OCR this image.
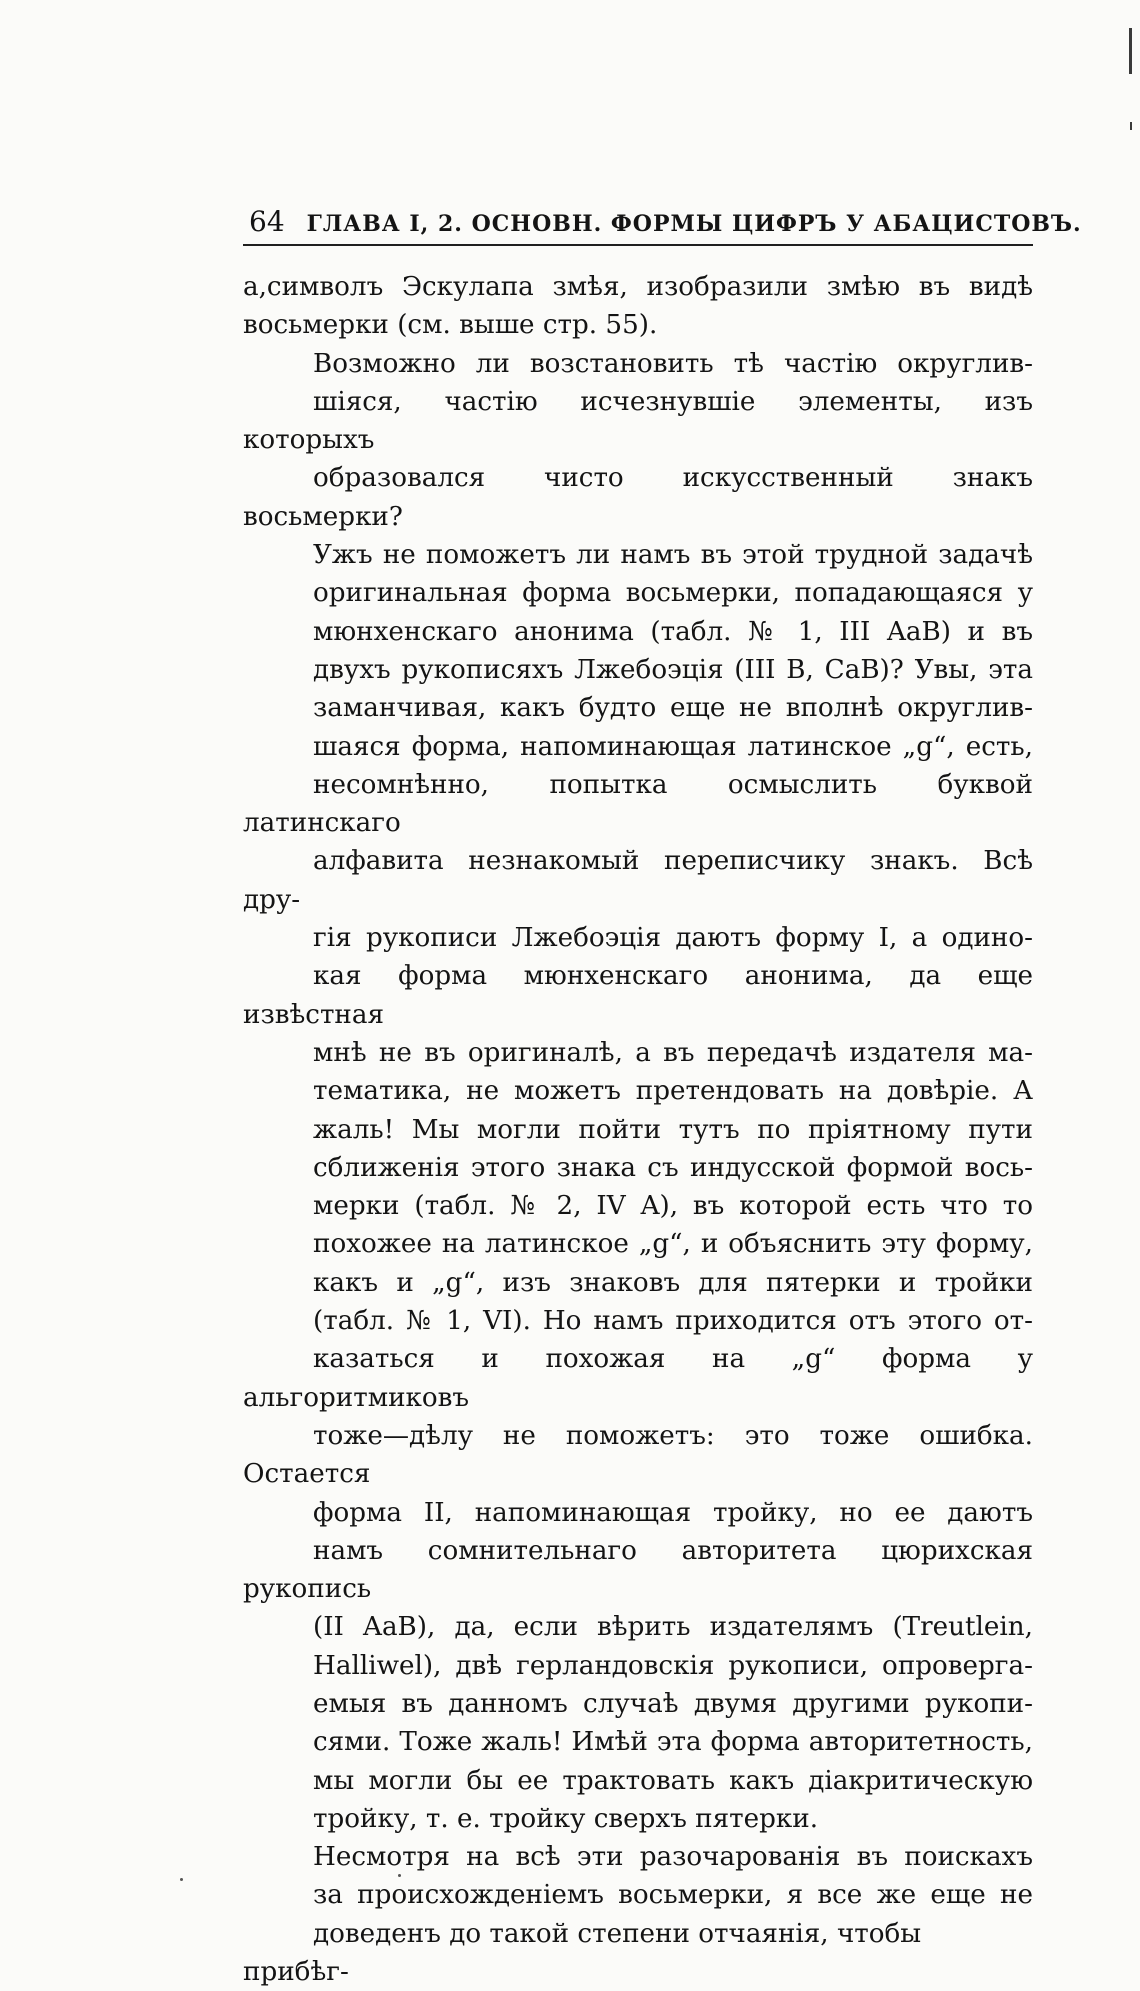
64 ГЛАВА I, 2. ОСНОВН. ФОРМЫ ЦИФРЪ У АБАЦИСТОВЪ.

а,символъ Эскулапа змѣя, изобразили змѣю въ видѣ
восьмерки (см. выше стр. 55).

Возможно ли возстановить тѣ частію округлив-
шіяся, частію исчезнувшіе элементы, изъ которыхъ
образовался чисто искусственный знакъ восьмерки?
Ужъ не поможетъ ли намъ въ этой трудной задачѣ
оригинальная форма восьмерки, попадающаяся у
мюнхенскаго анонима (табл. № 1, III AaB) и въ
двухъ рукописяхъ Лжебоэція (III B, CaB)? Увы, эта
заманчивая, какъ будто еще не вполнѣ округлив-
шаяся форма, напоминающая латинское „g“, есть,
несомнѣнно, попытка осмыслить буквой латинскаго
алфавита незнакомый переписчику знакъ. Всѣ дру-
гія рукописи Лжебоэція даютъ форму I, а одино-
кая форма мюнхенскаго анонима, да еще извѣстная
мнѣ не въ оригиналѣ, а въ передачѣ издателя ма-
тематика, не можетъ претендовать на довѣріе. А
жаль! Мы могли пойти тутъ по пріятному пути
сближенія этого знака съ индусской формой вось-
мерки (табл. № 2, IV A), въ которой есть что то
похожее на латинское „g“, и объяснить эту форму,
какъ и „g“, изъ знаковъ для пятерки и тройки
(табл. № 1, VI). Но намъ приходится отъ этого от-
казаться и похожая на „g“ форма у альгоритмиковъ
тоже—дѣлу не поможетъ: это тоже ошибка. Остается
форма II, напоминающая тройку, но ее даютъ
намъ сомнительнаго авторитета цюрихская рукопись
(II AaB), да, если вѣрить издателямъ (Treutlein,
Halliwel), двѣ герландовскія рукописи, опроверга-
емыя въ данномъ случаѣ двумя другими рукопи-
сями. Тоже жаль! Имѣй эта форма авторитетность,
мы могли бы ее трактовать какъ діакритическую
тройку, т. е. тройку сверхъ пятерки.

Несмотря на всѣ эти разочарованія въ поискахъ
за происхожденіемъ восьмерки, я все же еще не
доведенъ до такой степени отчаянія, чтобы прибѣг-
